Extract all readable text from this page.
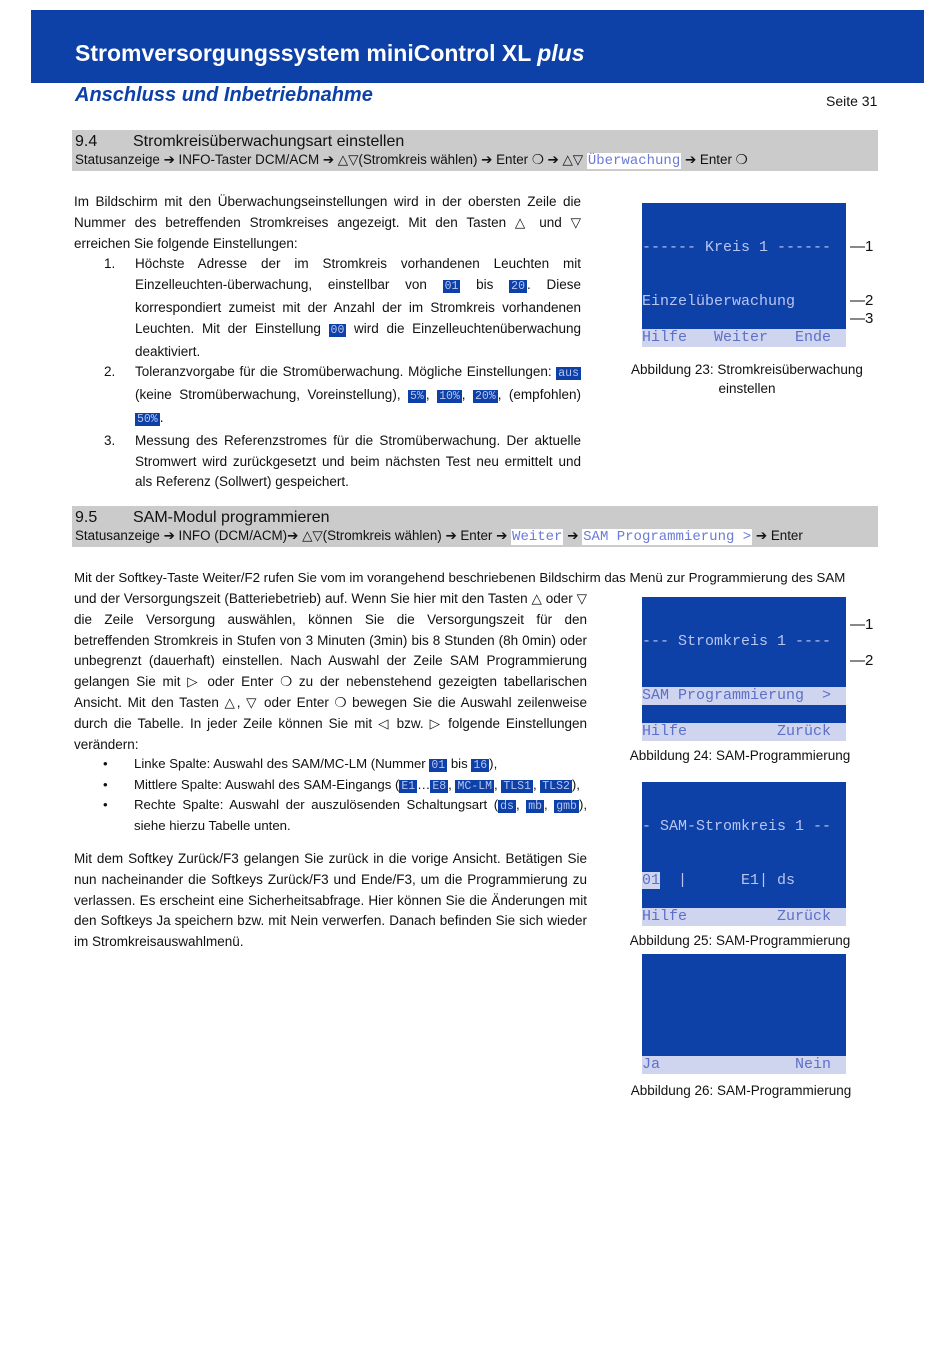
Stromversorgungssystem miniControl XL plus
Anschluss und Inbetriebnahme	Seite 31
9.4 Stromkreisüberwachungsart einstellen
Statusanzeige ➔ INFO-Taster DCM/ACM ➔ △▽(Stromkreis wählen) ➔ Enter ❍ ➔ △▽ Überwachung ➔ Enter ❍

Im Bildschirm mit den Überwachungseinstellungen wird in der obersten Zeile die Nummer des betreffenden Stromkreises angezeigt. Mit den Tasten △ und ▽ erreichen Sie folgende Einstellungen:

1. Höchste Adresse der im Stromkreis vorhandenen Leuchten mit Einzelleuchten-überwachung, einstellbar von 01 bis 20 . Diese korrespondiert zumeist mit der Anzahl der im Stromkreis vorhandenen Leuchten. Mit der Einstellung 00 wird die Einzelleuchtenüberwachung deaktiviert.
2. Toleranzvorgabe für die Stromüberwachung. Mögliche Einstellungen: aus (keine Stromüberwachung, Voreinstellung), 5% , 10% , 20% , (empfohlen) 50% .
3. Messung des Referenzstromes für die Stromüberwachung. Der aktuelle Stromwert wird zurückgesetzt und beim nächsten Test neu ermittelt und als Referenz (Sollwert) gespeichert.

------ Kreis 1 ------

Einzelüberwachung

Hilfe   Weiter   Ende

—1
—2
—3
Abbildung 23: Stromkreisüberwachung
einstellen
9.5 SAM-Modul programmieren
Statusanzeige ➔ INFO (DCM/ACM)➔ △▽(Stromkreis wählen) ➔ Enter ➔ Weiter ➔ SAM Programmierung > ➔ Enter
Mit der Softkey-Taste Weiter/F2 rufen Sie vom im vorangehend beschriebenen Bildschirm das Menü zur Programmierung des SAM

und der Versorgungszeit (Batteriebetrieb) auf. Wenn Sie hier mit den Tasten △ oder ▽ die Zeile Versorgung auswählen, können Sie die Versorgungszeit für den betreffenden Stromkreis in Stufen von 3 Minuten (3min) bis 8 Stunden (8h 0min) oder unbegrenzt (dauerhaft) einstellen. Nach Auswahl der Zeile SAM Programmierung gelangen Sie mit ▷ oder Enter ❍ zu der nebenstehend gezeigten tabellarischen Ansicht. Mit den Tasten △, ▽ oder Enter ❍ bewegen Sie die Auswahl zeilenweise durch die Tabelle. In jeder Zeile können Sie mit ◁ bzw. ▷ folgende Einstellungen verändern:

• Linke Spalte: Auswahl des SAM/MC-LM (Nummer 01 bis 16 ),
• Mittlere Spalte: Auswahl des SAM-Eingangs ( E1 … E8 , MC-LM , TLS1 , TLS2 ),
• Rechte Spalte: Auswahl der auszulösenden Schaltungsart ( ds , mb , gmb ), siehe hierzu Tabelle unten.
Mit dem Softkey Zurück/F3 gelangen Sie zurück in die vorige Ansicht. Betätigen Sie nun nacheinander die Softkeys Zurück/F3 und Ende/F3, um die Programmierung zu verlassen. Es erscheint eine Sicherheitsabfrage. Hier können Sie die Änderungen mit den Softkeys Ja speichern bzw. mit Nein verwerfen. Danach befinden Sie sich wieder im Stromkreisauswahlmenü.

--- Stromkreis 1 ----

SAM Programmierung  >

Hilfe          Zurück

—1
—2
Abbildung 24: SAM-Programmierung

- SAM-Stromkreis 1 --

01  |      E1| ds

Hilfe          Zurück

Abbildung 25: SAM-Programmierung

Ja               Nein

Abbildung 26: SAM-Programmierung
